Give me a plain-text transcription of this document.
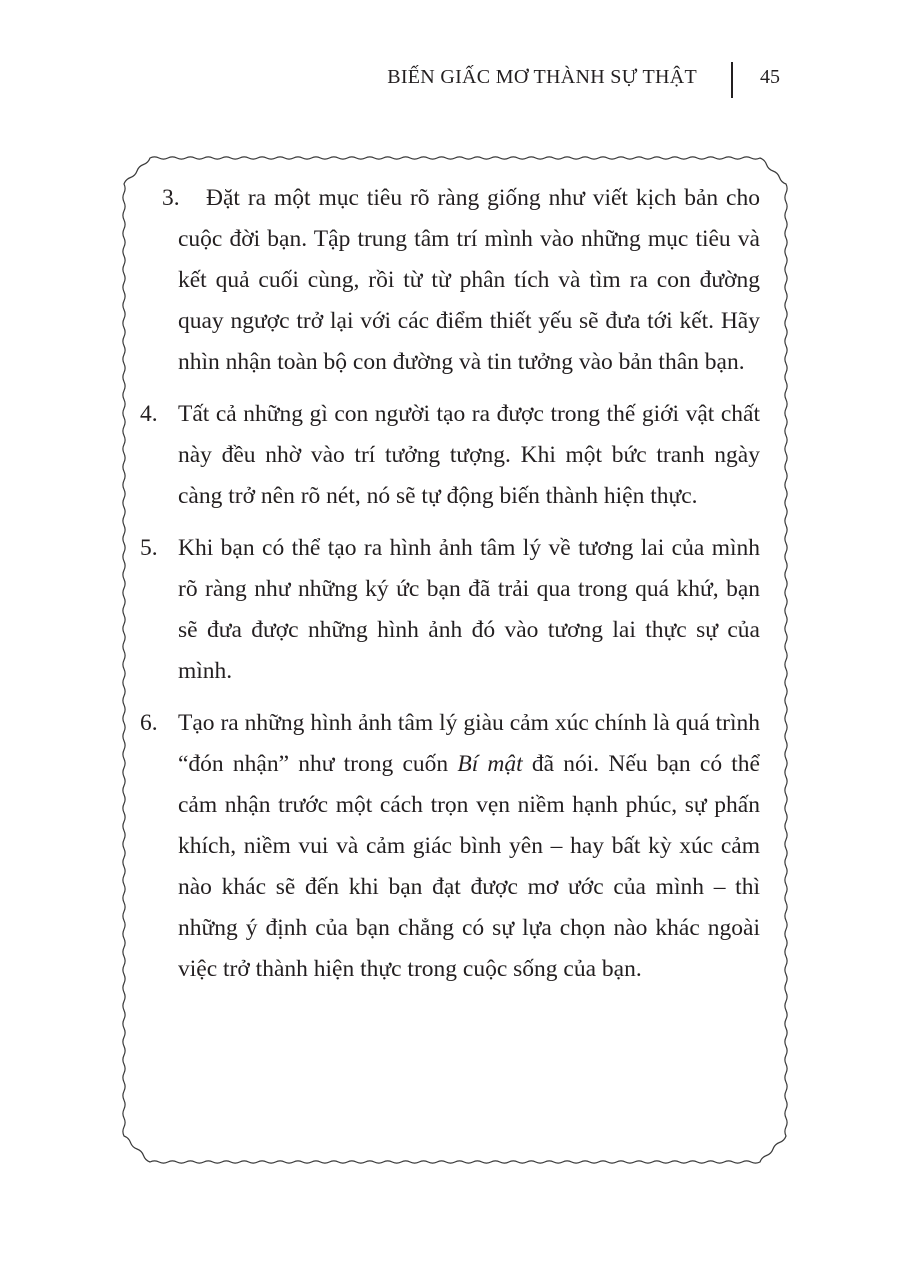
BIẾN GIẤC MƠ THÀNH SỰ THẬT	45
3.	Đặt ra một mục tiêu rõ ràng giống như viết kịch bản cho cuộc đời bạn. Tập trung tâm trí mình vào những mục tiêu và kết quả cuối cùng, rồi từ từ phân tích và tìm ra con đường quay ngược trở lại với các điểm thiết yếu sẽ đưa tới kết. Hãy nhìn nhận toàn bộ con đường và tin tưởng vào bản thân bạn.
4. Tất cả những gì con người tạo ra được trong thế giới vật chất này đều nhờ vào trí tưởng tượng. Khi một bức tranh ngày càng trở nên rõ nét, nó sẽ tự động biến thành hiện thực.
5. Khi bạn có thể tạo ra hình ảnh tâm lý về tương lai của mình rõ ràng như những ký ức bạn đã trải qua trong quá khứ, bạn sẽ đưa được những hình ảnh đó vào tương lai thực sự của mình.
6. Tạo ra những hình ảnh tâm lý giàu cảm xúc chính là quá trình “đón nhận” như trong cuốn Bí mật đã nói. Nếu bạn có thể cảm nhận trước một cách trọn vẹn niềm hạnh phúc, sự phấn khích, niềm vui và cảm giác bình yên – hay bất kỳ xúc cảm nào khác sẽ đến khi bạn đạt được mơ ước của mình – thì những ý định của bạn chẳng có sự lựa chọn nào khác ngoài việc trở thành hiện thực trong cuộc sống của bạn.
